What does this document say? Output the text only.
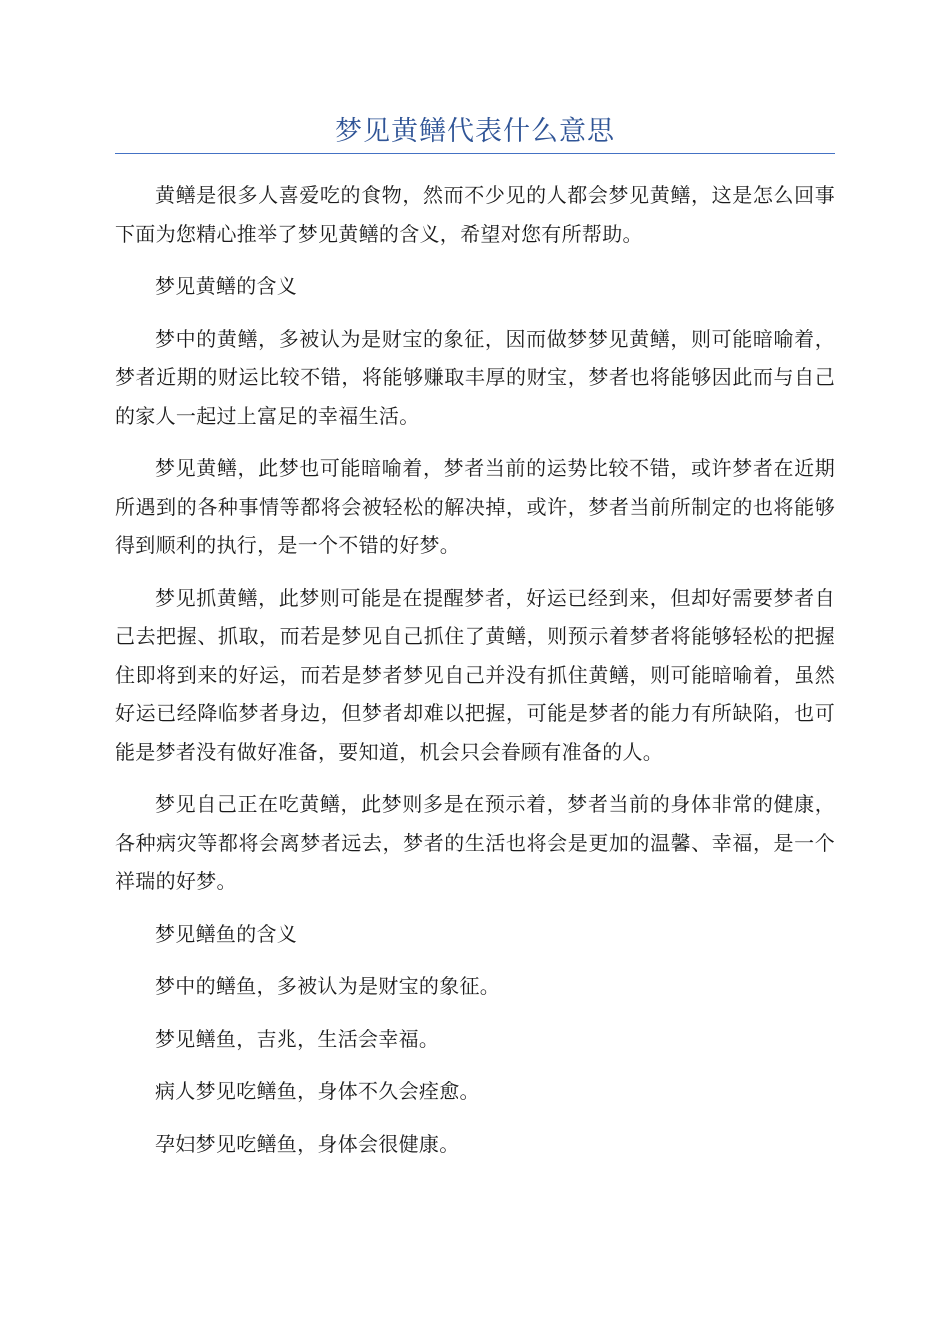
梦见黄鳝代表什么意思

黄鳝是很多人喜爱吃的食物，然而不少见的人都会梦见黄鳝，这是怎么回事下面为您精心推举了梦见黄鳝的含义，希望对您有所帮助。

梦见黄鳝的含义

梦中的黄鳝，多被认为是财宝的象征，因而做梦梦见黄鳝，则可能暗喻着，梦者近期的财运比较不错，将能够赚取丰厚的财宝，梦者也将能够因此而与自己的家人一起过上富足的幸福生活。

梦见黄鳝，此梦也可能暗喻着，梦者当前的运势比较不错，或许梦者在近期所遇到的各种事情等都将会被轻松的解决掉，或许，梦者当前所制定的也将能够得到顺利的执行，是一个不错的好梦。

梦见抓黄鳝，此梦则可能是在提醒梦者，好运已经到来，但却好需要梦者自己去把握、抓取，而若是梦见自己抓住了黄鳝，则预示着梦者将能够轻松的把握住即将到来的好运，而若是梦者梦见自己并没有抓住黄鳝，则可能暗喻着，虽然好运已经降临梦者身边，但梦者却难以把握，可能是梦者的能力有所缺陷，也可能是梦者没有做好准备，要知道，机会只会眷顾有准备的人。

梦见自己正在吃黄鳝，此梦则多是在预示着，梦者当前的身体非常的健康，各种病灾等都将会离梦者远去，梦者的生活也将会是更加的温馨、幸福，是一个祥瑞的好梦。

梦见鳝鱼的含义

梦中的鳝鱼，多被认为是财宝的象征。

梦见鳝鱼，吉兆，生活会幸福。

病人梦见吃鳝鱼，身体不久会痊愈。

孕妇梦见吃鳝鱼，身体会很健康。
